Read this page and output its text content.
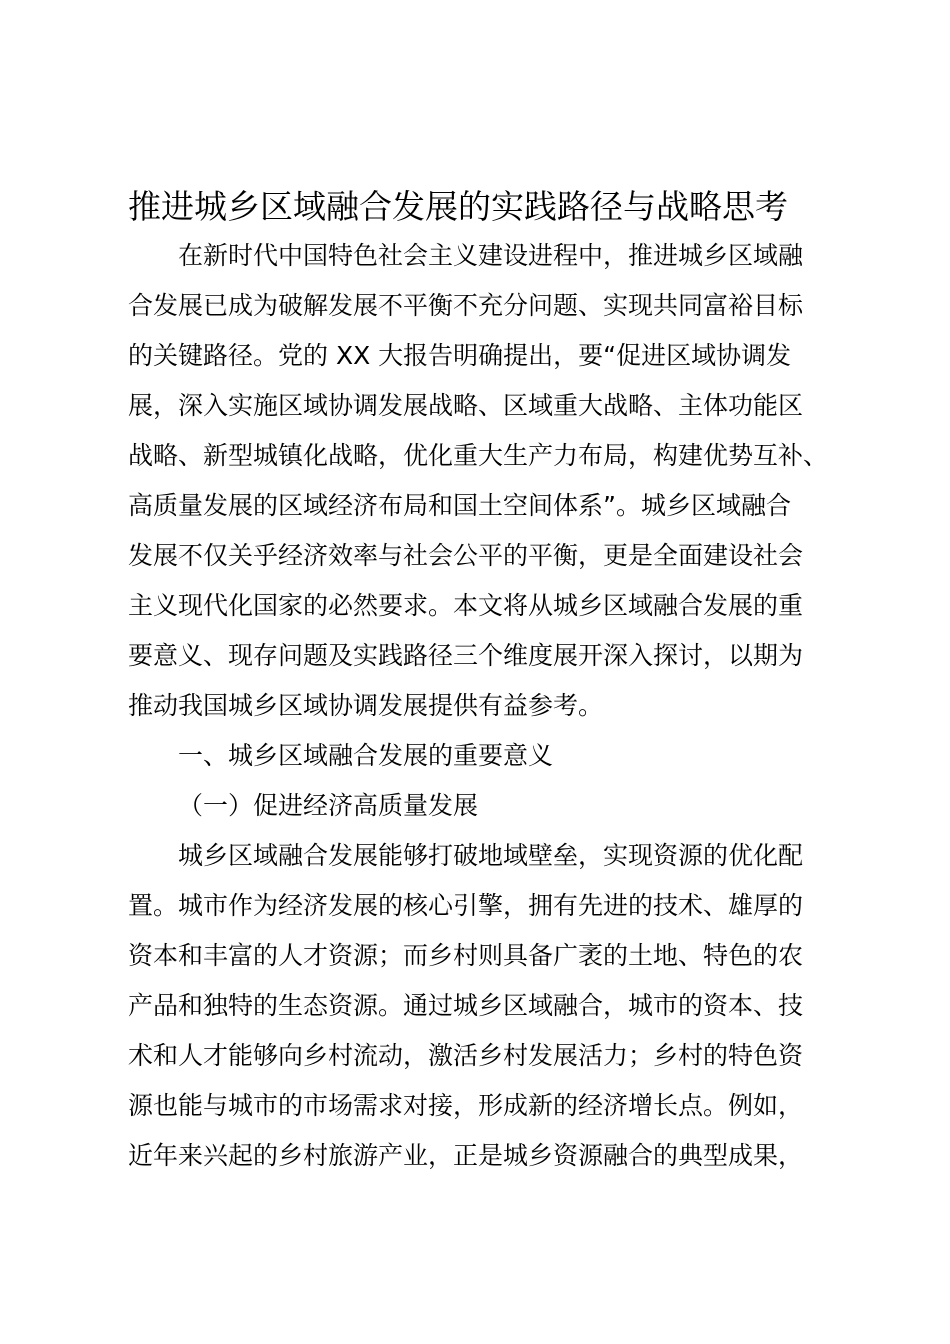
推进城乡区域融合发展的实践路径与战略思考
在新时代中国特色社会主义建设进程中，推进城乡区域融
合发展已成为破解发展不平衡不充分问题、实现共同富裕目标
的关键路径。党的 XX 大报告明确提出，要“促进区域协调发
展，深入实施区域协调发展战略、区域重大战略、主体功能区
战略、新型城镇化战略，优化重大生产力布局，构建优势互补、
高质量发展的区域经济布局和国土空间体系”。城乡区域融合
发展不仅关乎经济效率与社会公平的平衡，更是全面建设社会
主义现代化国家的必然要求。本文将从城乡区域融合发展的重
要意义、现存问题及实践路径三个维度展开深入探讨，以期为
推动我国城乡区域协调发展提供有益参考。
一、城乡区域融合发展的重要意义
（一）促进经济高质量发展
城乡区域融合发展能够打破地域壁垒，实现资源的优化配
置。城市作为经济发展的核心引擎，拥有先进的技术、雄厚的
资本和丰富的人才资源；而乡村则具备广袤的土地、特色的农
产品和独特的生态资源。通过城乡区域融合，城市的资本、技
术和人才能够向乡村流动，激活乡村发展活力；乡村的特色资
源也能与城市的市场需求对接，形成新的经济增长点。例如，
近年来兴起的乡村旅游产业，正是城乡资源融合的典型成果，
